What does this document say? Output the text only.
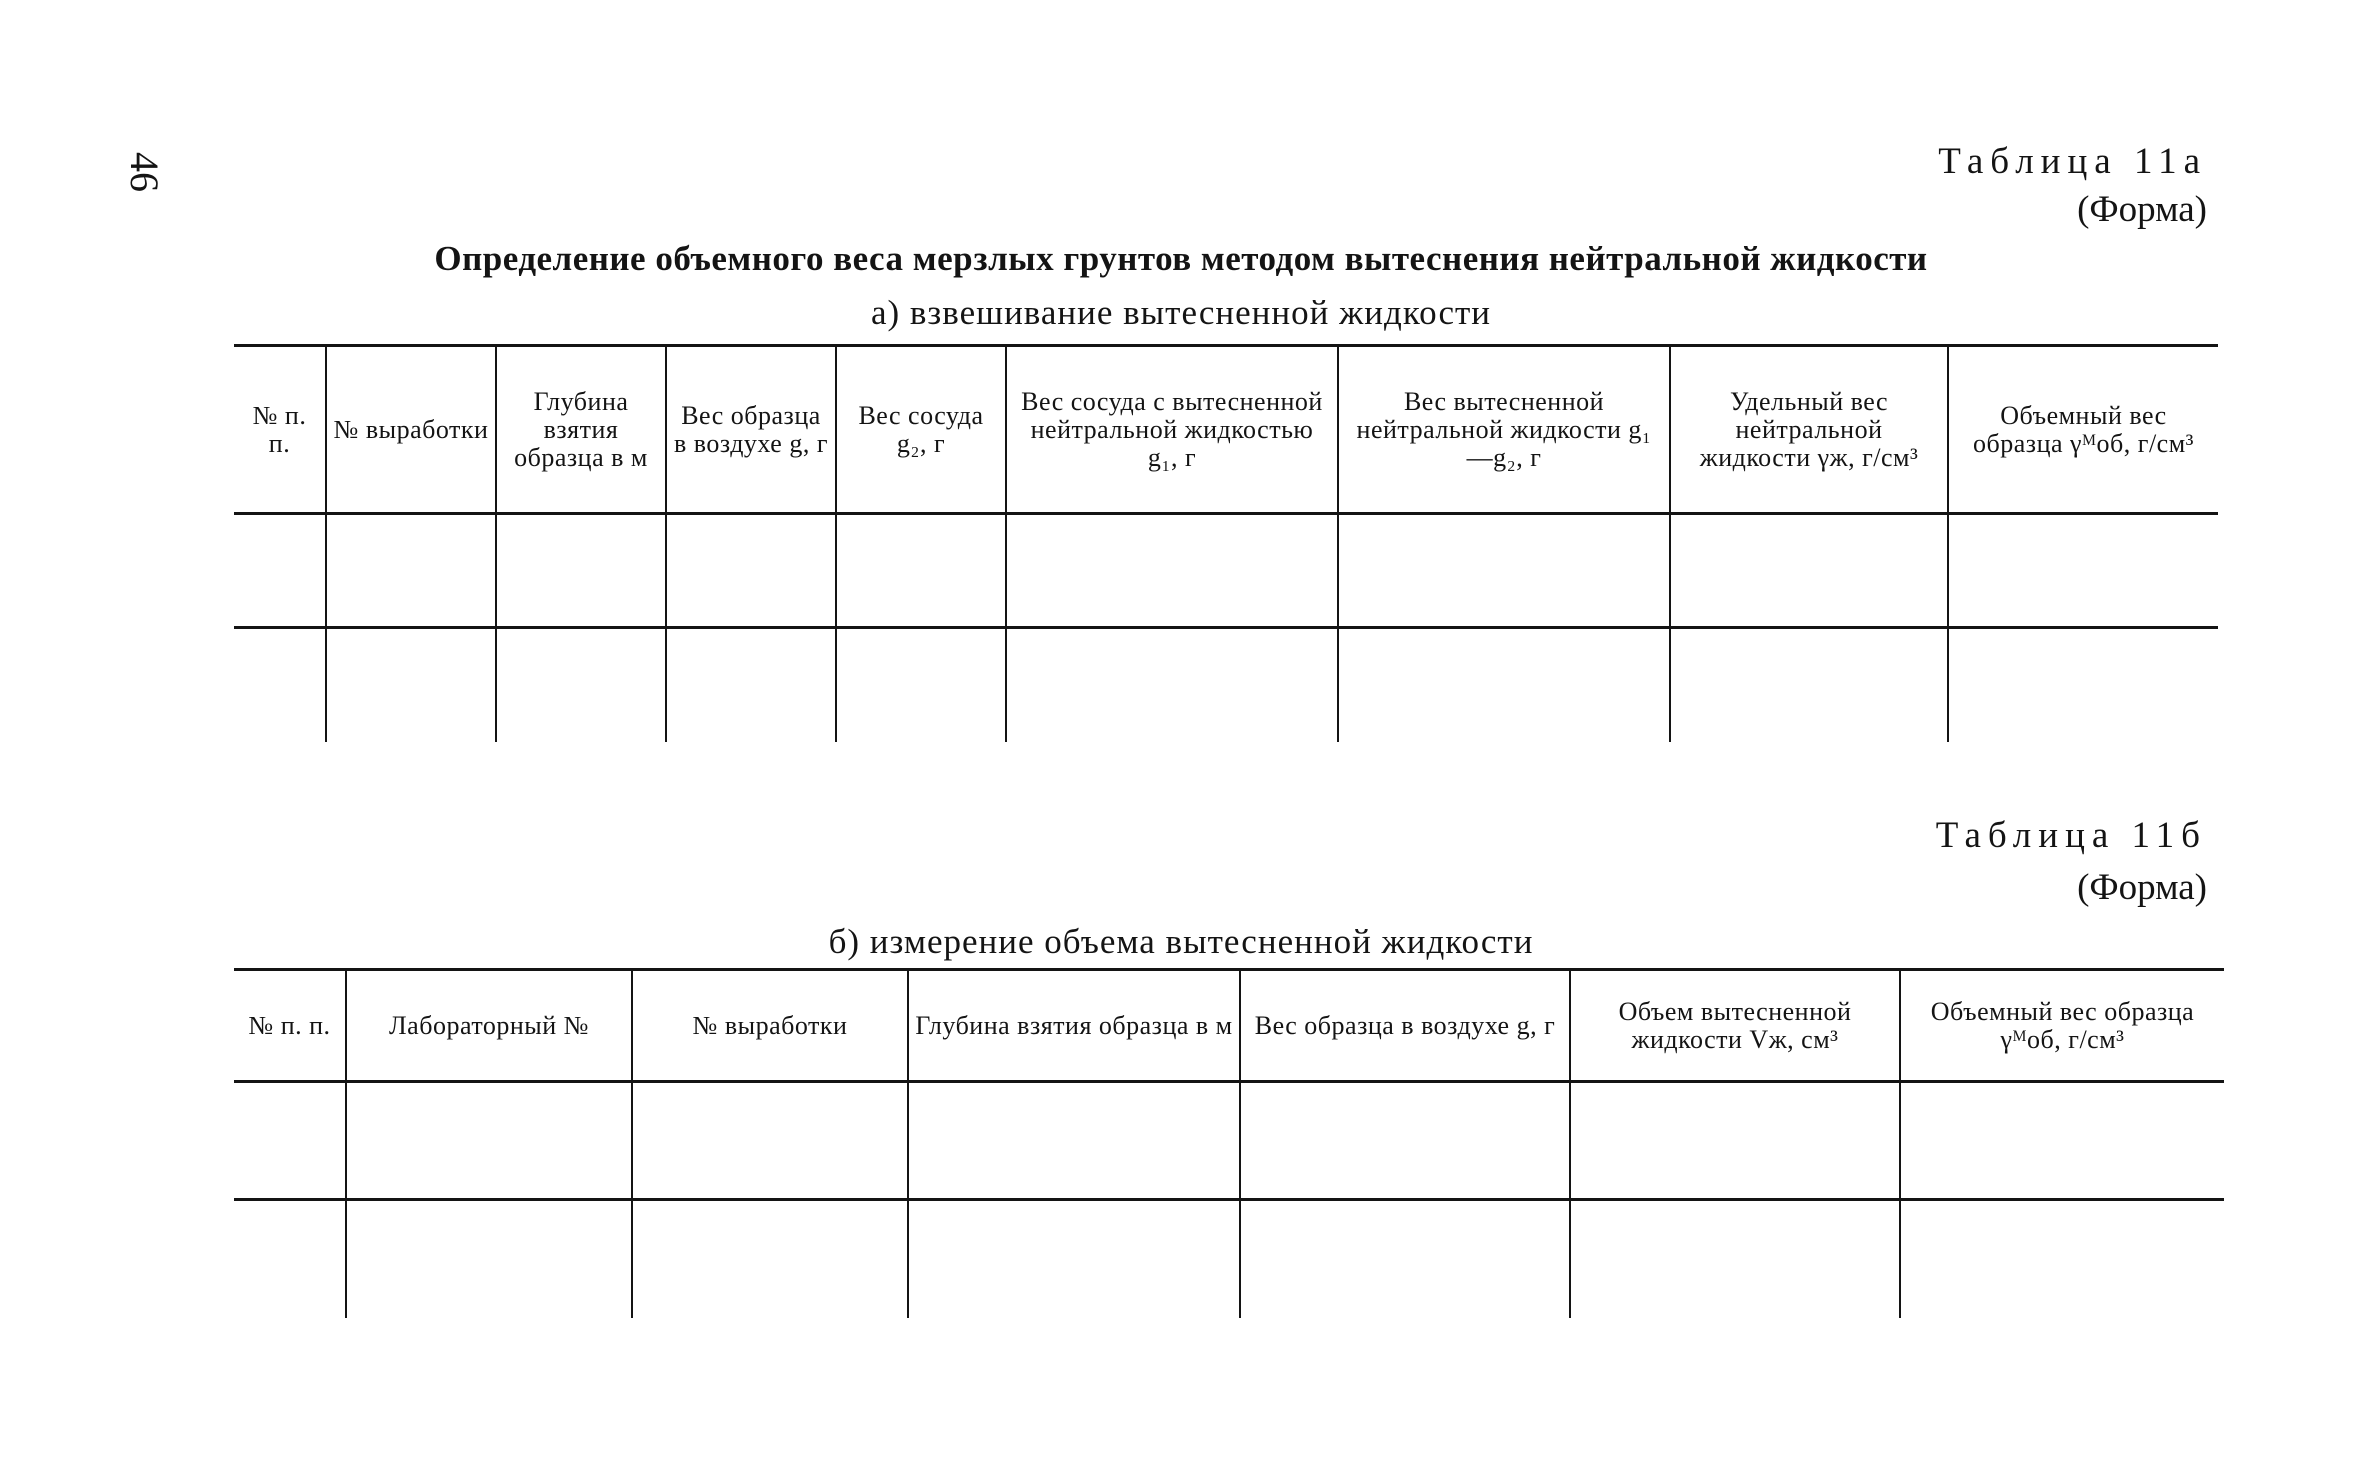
46	Таблица 11а
(Форма)
Определение объемного веса мерзлых грунтов методом вытеснения нейтральной жидкости
а) взвешивание вытесненной жидкости
№ п. п.	№ выработки	Глубина взятия образца в м	Вес образца в воздухе g, г	Вес сосуда g₂, г	Вес сосуда с вытесненной нейтральной жидкостью g₁, г	Вес вытесненной нейтральной жидкости g₁—g₂, г	Удельный вес нейтральной жидкости γж, г/см³	Объемный вес образца γᴹоб, г/см³

Таблица 11б
(Форма)
б) измерение объема вытесненной жидкости
№ п. п.	Лабораторный №	№ выработки	Глубина взятия образца в м	Вес образца в воздухе g, г	Объем вытесненной жидкости Vж, см³	Объемный вес образца γᴹоб, г/см³
